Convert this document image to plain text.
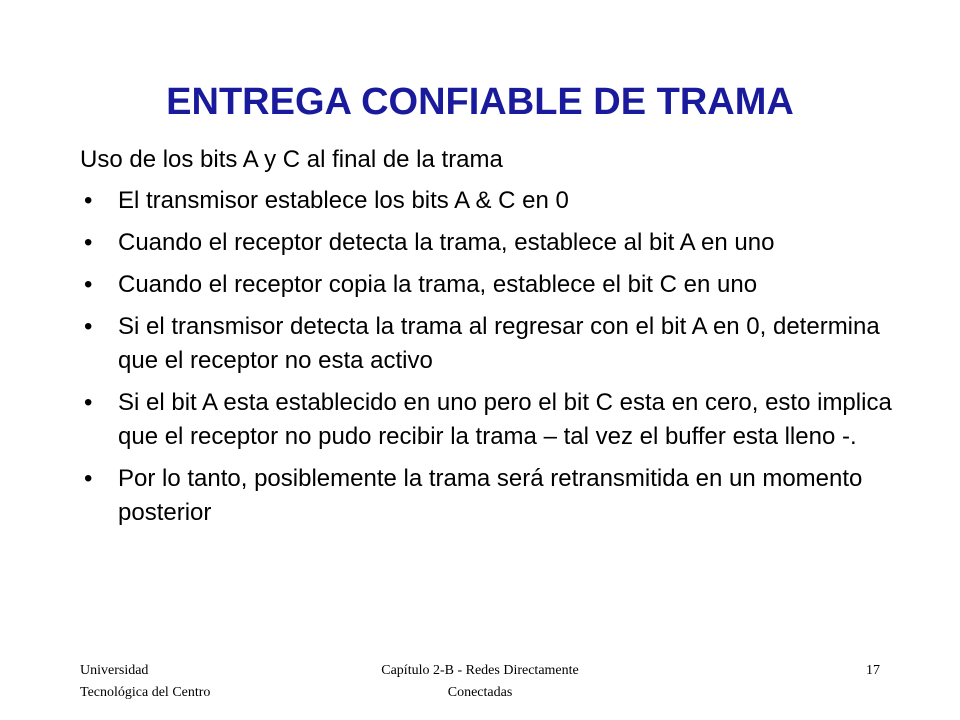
ENTREGA CONFIABLE DE TRAMA
Uso de los bits A y C al final de la trama
• El transmisor establece los bits A & C en 0
• Cuando el receptor detecta la trama, establece al bit A en uno
• Cuando el receptor copia la trama, establece el bit C en uno
• Si el transmisor detecta la trama al regresar con el bit A en 0, determina que el receptor no esta activo
• Si el bit A esta establecido en uno pero el bit C esta en cero, esto implica que el receptor no pudo recibir la trama – tal vez el buffer esta lleno -.
• Por lo tanto, posiblemente la trama será retransmitida en un momento posterior
Universidad
Tecnológica del Centro
Capítulo 2-B - Redes Directamente
Conectadas
17
